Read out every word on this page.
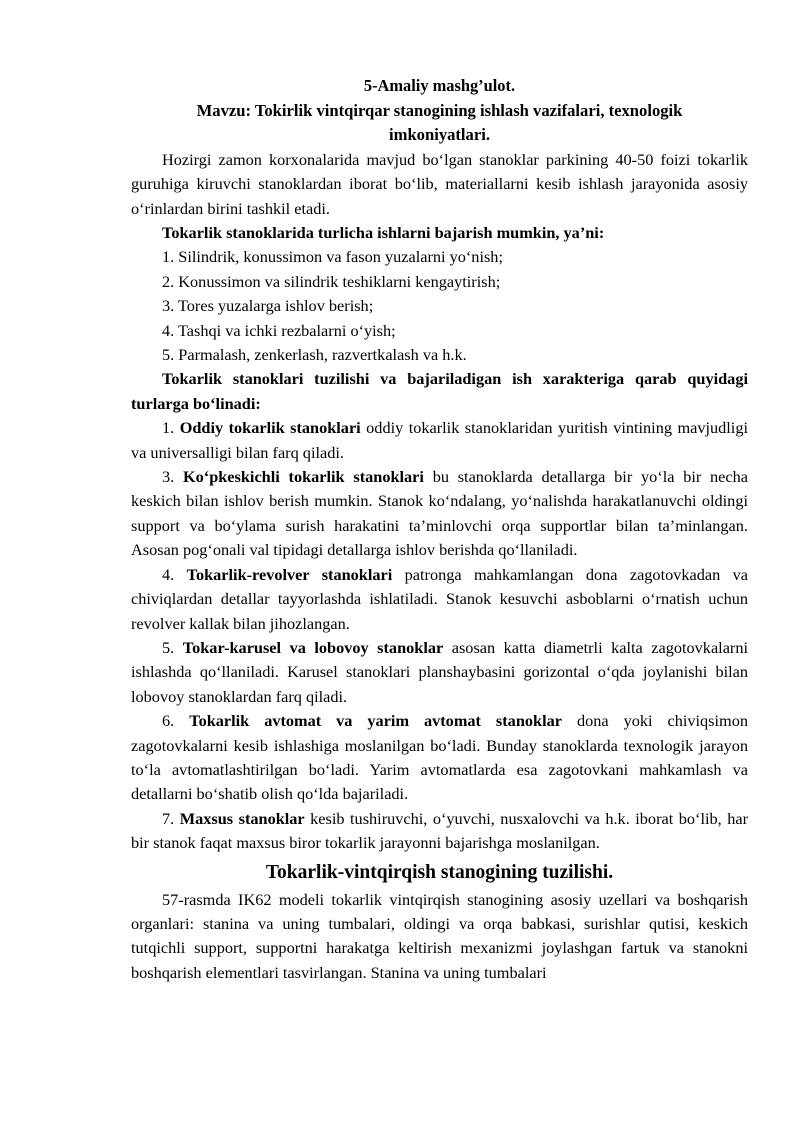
5-Amaliy mashg’ulot.
Mavzu: Tokirlik vintqirqar stanogining ishlash vazifalari, texnologik
imkoniyatlari.

Hozirgi zamon korxonalarida mavjud bo‘lgan stanoklar parkining 40-50 foizi tokarlik guruhiga kiruvchi stanoklardan iborat bo‘lib, materiallarni kesib ishlash jarayonida asosiy o‘rinlardan birini tashkil etadi.

Tokarlik stanoklarida turlicha ishlarni bajarish mumkin, ya’ni:

1. Silindrik, konussimon va fason yuzalarni yo‘nish;

2. Konussimon va silindrik teshiklarni kengaytirish;

3. Tores yuzalarga ishlov berish;

4. Tashqi va ichki rezbalarni o‘yish;

5. Parmalash, zenkerlash, razvertkalash va h.k.

Tokarlik stanoklari tuzilishi va bajariladigan ish xarakteriga qarab quyidagi turlarga bo‘linadi:

1. Oddiy tokarlik stanoklari oddiy tokarlik stanoklaridan yuritish vintining mavjudligi va universalligi bilan farq qiladi.

3. Ko‘pkeskichli tokarlik stanoklari bu stanoklarda detallarga bir yo‘la bir necha keskich bilan ishlov berish mumkin. Stanok ko‘ndalang, yo‘nalishda harakatlanuvchi oldingi support va bo‘ylama surish harakatini ta’minlovchi orqa supportlar bilan ta’minlangan. Asosan pog‘onali val tipidagi detallarga ishlov berishda qo‘llaniladi.

4. Tokarlik-revolver stanoklari patronga mahkamlangan dona zagotovkadan va chiviqlardan detallar tayyorlashda ishlatiladi. Stanok kesuvchi asboblarni o‘rnatish uchun revolver kallak bilan jihozlangan.

5. Tokar-karusel va lobovoy stanoklar asosan katta diametrli kalta zagotovkalarni ishlashda qo‘llaniladi. Karusel stanoklari planshaybasini gorizontal o‘qda joylanishi bilan lobovoy stanoklardan farq qiladi.

6. Tokarlik avtomat va yarim avtomat stanoklar dona yoki chiviqsimon zagotovkalarni kesib ishlashiga moslanilgan bo‘ladi. Bunday stanoklarda texnologik jarayon to‘la avtomatlashtirilgan bo‘ladi. Yarim avtomatlarda esa zagotovkani mahkamlash va detallarni bo‘shatib olish qo‘lda bajariladi.

7. Maxsus stanoklar kesib tushiruvchi, o‘yuvchi, nusxalovchi va h.k. iborat bo‘lib, har bir stanok faqat maxsus biror tokarlik jarayonni bajarishga moslanilgan.

Tokarlik-vintqirqish stanogining tuzilishi.

57-rasmda IK62 modeli tokarlik vintqirqish stanogining asosiy uzellari va boshqarish organlari: stanina va uning tumbalari, oldingi va orqa babkasi, surishlar qutisi, keskich tutqichli support, supportni harakatga keltirish mexanizmi joylashgan fartuk va stanokni boshqarish elementlari tasvirlangan. Stanina va uning tumbalari
